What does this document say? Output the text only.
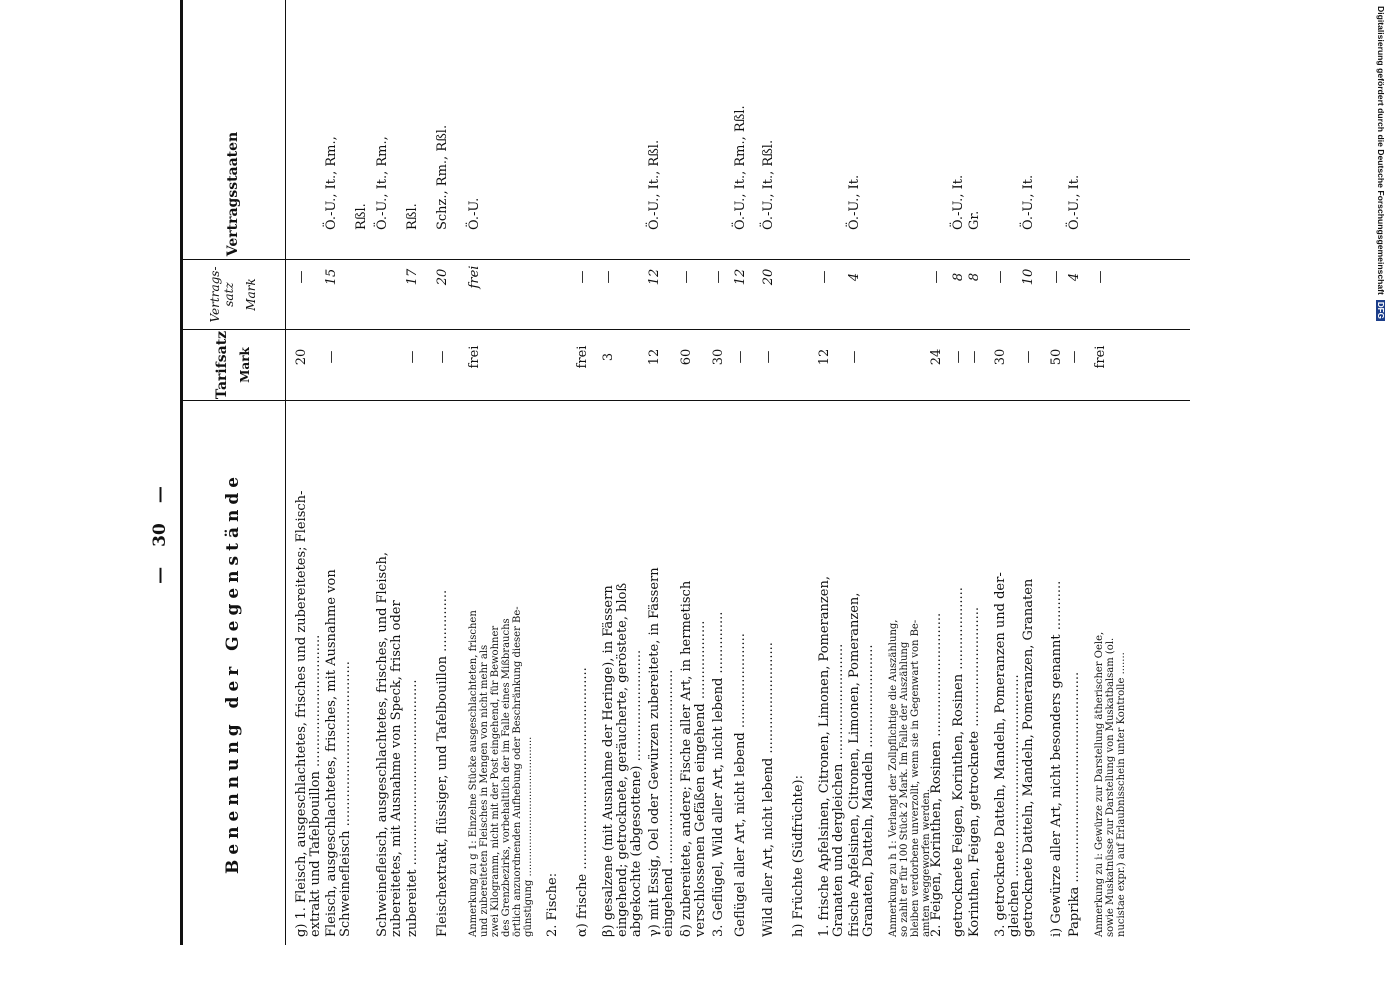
Digitalisierung gefördert durch die Deutsche ForschungsgemeinschaftDFG
—30—	Benennung der Gegenstände
Tarifsatz Mark
Vertrags-satz Mark
Vertragsstaaten
g) 1. Fleisch, ausgeschlachtetes, frisches und zubereitetes; Fleisch- extrakt und Tafelbouillon ................................
20
—
Fleisch, ausgeschlachtetes, frisches, mit Ausnahme von Schweinefleisch ........................................
—
15
Ö.-U., It., Rm., Rßl.
Schweinefleisch, ausgeschlachtetes, frisches, und Fleisch, zubereitetes, mit Ausnahme von Speck, frisch oder
Ö.-U., It., Rm.,
zubereitet .............................................
—
17
Rßl.
Fleischextrakt, flüssiger, und Tafelbouillon ...............
—
20
Schz., Rm., Rßl.
Anmerkung zu g 1: Einzelne Stücke ausgeschlachteten, frischen und zubereiteten Fleisches in Mengen von nicht mehr als zwei Kilogramm, nicht mit der Post eingehend, für Bewohner des Grenzbezirks, vorbehaltlich der im Falle eines Mißbrauchs örtlich anzuordnenden Aufhebung oder Beschränkung dieser Be- günstigung ............................................
frei
frei
Ö.-U.
2. Fische: α) frische .................................................
frei
—
β) gesalzene (mit Ausnahme der Heringe), in Fässern eingehend; getrocknete, geräucherte, geröstete, bloß abgekochte (abgesottene) ...........................
3
—
γ) mit Essig, Oel oder Gewürzen zubereitete, in Fässern eingehend ...............................................
12
12
Ö.-U., It., Rßl.
δ) zubereitete, andere; Fische aller Art, in hermetisch verschlossenen Gefäßen eingehend ...................
60
—
3. Geflügel, Wild aller Art, nicht lebend ...............
30
—
Geflügel aller Art, nicht lebend .......................
—
12
Ö.-U., It., Rm., Rßl.
Wild aller Art, nicht lebend ...........................
—
20
Ö.-U., It., Rßl.
h) Früchte (Südfrüchte): 1. frische Apfelsinen, Citronen, Limonen, Pomeranzen, Granaten und dergleichen ............................
12
—
frische Apfelsinen, Citronen, Limonen, Pomeranzen, Granaten, Datteln, Mandeln .........................
—
4
Ö.-U., It.
Anmerkung zu h 1: Verlangt der Zollpflichtige die Auszählung, so zahlt er für 100 Stück 2 Mark. Im Falle der Auszählung bleiben verdorbene unverzollt, wenn sie in Gegenwart von Be- amten weggeworfen werden.
2. Feigen, Korinthen, Rosinen ..............................
24
—
getrocknete Feigen, Korinthen, Rosinen ....................
—
8
Ö.-U., It.
Korinthen, Feigen, getrocknete .............................
—
8
Gr.
3. getrocknete Datteln, Mandeln, Pomeranzen und der- gleichen .................................................
30
—
getrocknete Datteln, Mandeln, Pomeranzen, Granaten
—
10
Ö.-U., It.
i) Gewürze aller Art, nicht besonders genannt ............
50
—
Paprika ...................................................
—
4
Ö.-U., It.
Anmerkung zu i: Gewürze zur Darstellung ätherischer Oele, sowie Muskatnüsse zur Darstellung von Muskatbalsam (ol. nucistae expr.) auf Erlaubnisschein unter Kontrolle .......
frei
—
